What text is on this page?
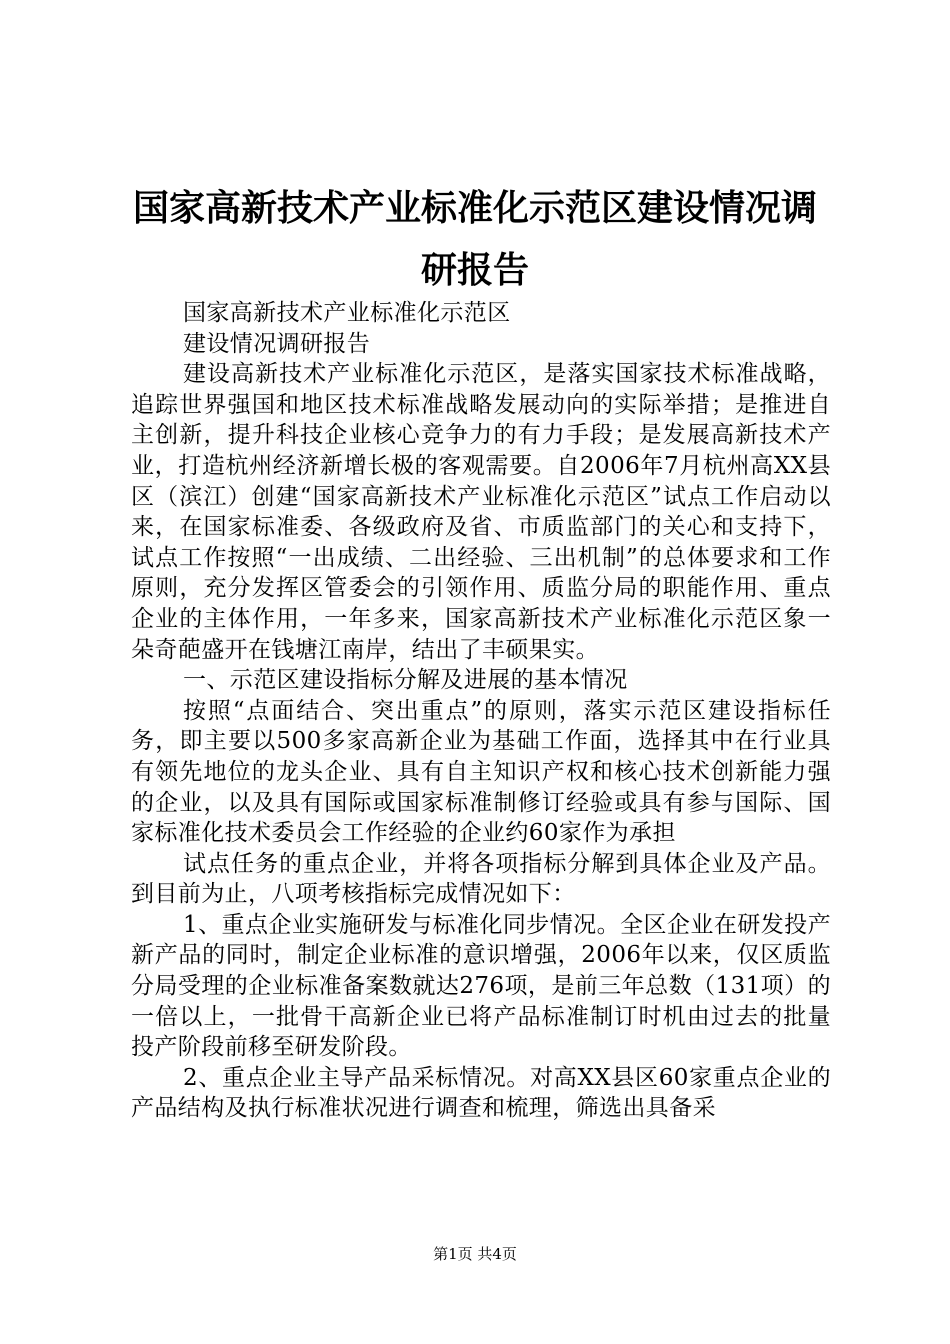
国家高新技术产业标准化示范区建设情况调研报告

国家高新技术产业标准化示范区

建设情况调研报告

建设高新技术产业标准化示范区，是落实国家技术标准战略，追踪世界强国和地区技术标准战略发展动向的实际举措；是推进自主创新，提升科技企业核心竞争力的有力手段；是发展高新技术产业，打造杭州经济新增长极的客观需要。自2006年7月杭州高XX县区（滨江）创建“国家高新技术产业标准化示范区”试点工作启动以来，在国家标准委、各级政府及省、市质监部门的关心和支持下，试点工作按照“一出成绩、二出经验、三出机制”的总体要求和工作原则，充分发挥区管委会的引领作用、质监分局的职能作用、重点企业的主体作用，一年多来，国家高新技术产业标准化示范区象一朵奇葩盛开在钱塘江南岸，结出了丰硕果实。

一、示范区建设指标分解及进展的基本情况

按照“点面结合、突出重点”的原则，落实示范区建设指标任务，即主要以500多家高新企业为基础工作面，选择其中在行业具有领先地位的龙头企业、具有自主知识产权和核心技术创新能力强的企业，以及具有国际或国家标准制修订经验或具有参与国际、国家标准化技术委员会工作经验的企业约60家作为承担

试点任务的重点企业，并将各项指标分解到具体企业及产品。到目前为止，八项考核指标完成情况如下：

1、重点企业实施研发与标准化同步情况。全区企业在研发投产新产品的同时，制定企业标准的意识增强，2006年以来，仅区质监分局受理的企业标准备案数就达276项，是前三年总数（131项）的一倍以上，一批骨干高新企业已将产品标准制订时机由过去的批量投产阶段前移至研发阶段。

2、重点企业主导产品采标情况。对高XX县区60家重点企业的产品结构及执行标准状况进行调查和梳理，筛选出具备采

第1页 共4页
